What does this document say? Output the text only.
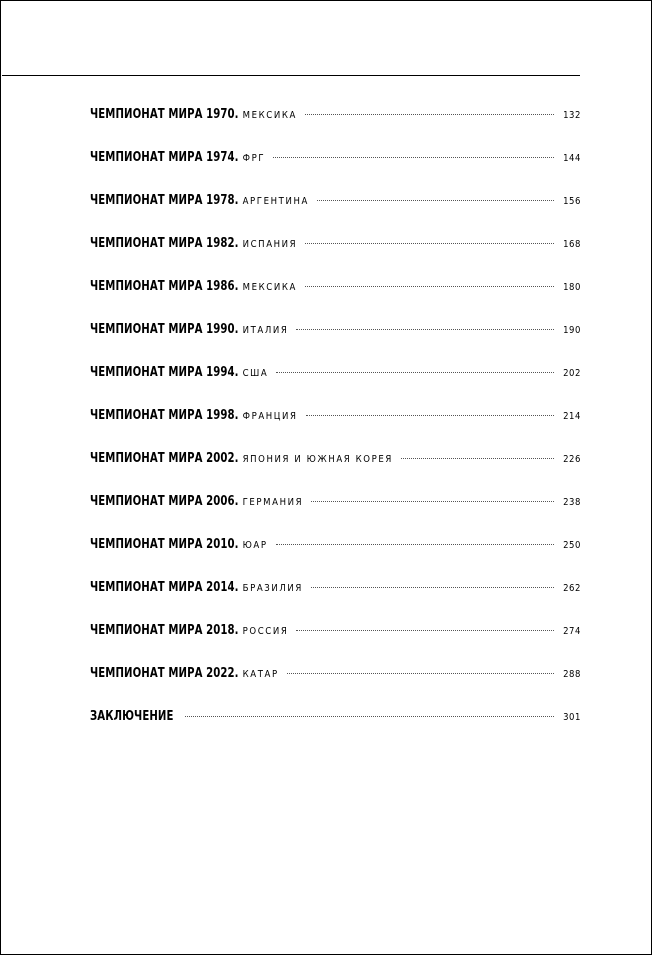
ЧЕМПИОНАТ МИРА 1970. МЕКСИКА	132
ЧЕМПИОНАТ МИРА 1974. ФРГ	144
ЧЕМПИОНАТ МИРА 1978. АРГЕНТИНА	156
ЧЕМПИОНАТ МИРА 1982. ИСПАНИЯ	168
ЧЕМПИОНАТ МИРА 1986. МЕКСИКА	180
ЧЕМПИОНАТ МИРА 1990. ИТАЛИЯ	190
ЧЕМПИОНАТ МИРА 1994. США	202
ЧЕМПИОНАТ МИРА 1998. ФРАНЦИЯ	214
ЧЕМПИОНАТ МИРА 2002. ЯПОНИЯ И ЮЖНАЯ КОРЕЯ	226
ЧЕМПИОНАТ МИРА 2006. ГЕРМАНИЯ	238
ЧЕМПИОНАТ МИРА 2010. ЮАР	250
ЧЕМПИОНАТ МИРА 2014. БРАЗИЛИЯ	262
ЧЕМПИОНАТ МИРА 2018. РОССИЯ	274
ЧЕМПИОНАТ МИРА 2022. КАТАР	288
ЗАКЛЮЧЕНИЕ	301
